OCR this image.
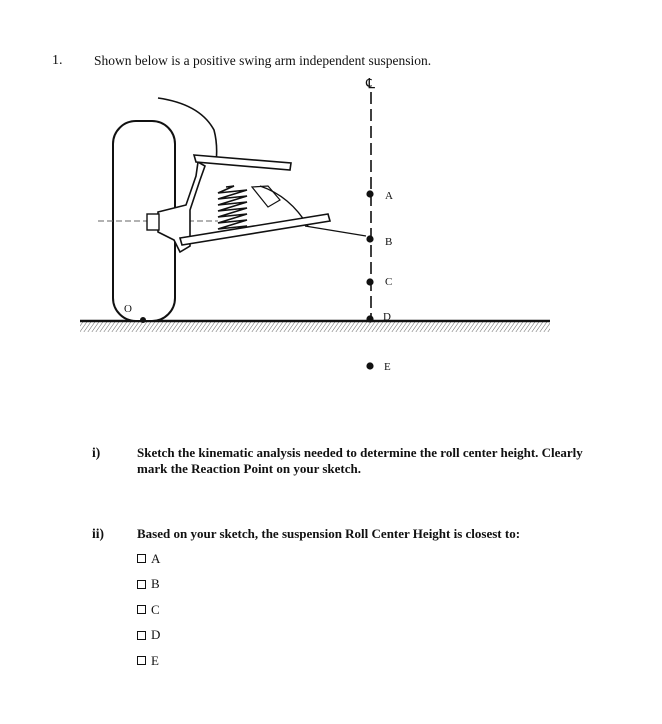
1. Shown below is a positive swing arm independent suspension.
O
℄
A
B
C
D
E
i)	Sketch the kinematic analysis needed to determine the roll center height. Clearly mark the Reaction Point on your sketch.
ii)	Based on your sketch, the suspension Roll Center Height is closest to:
A
B
C
D
E
